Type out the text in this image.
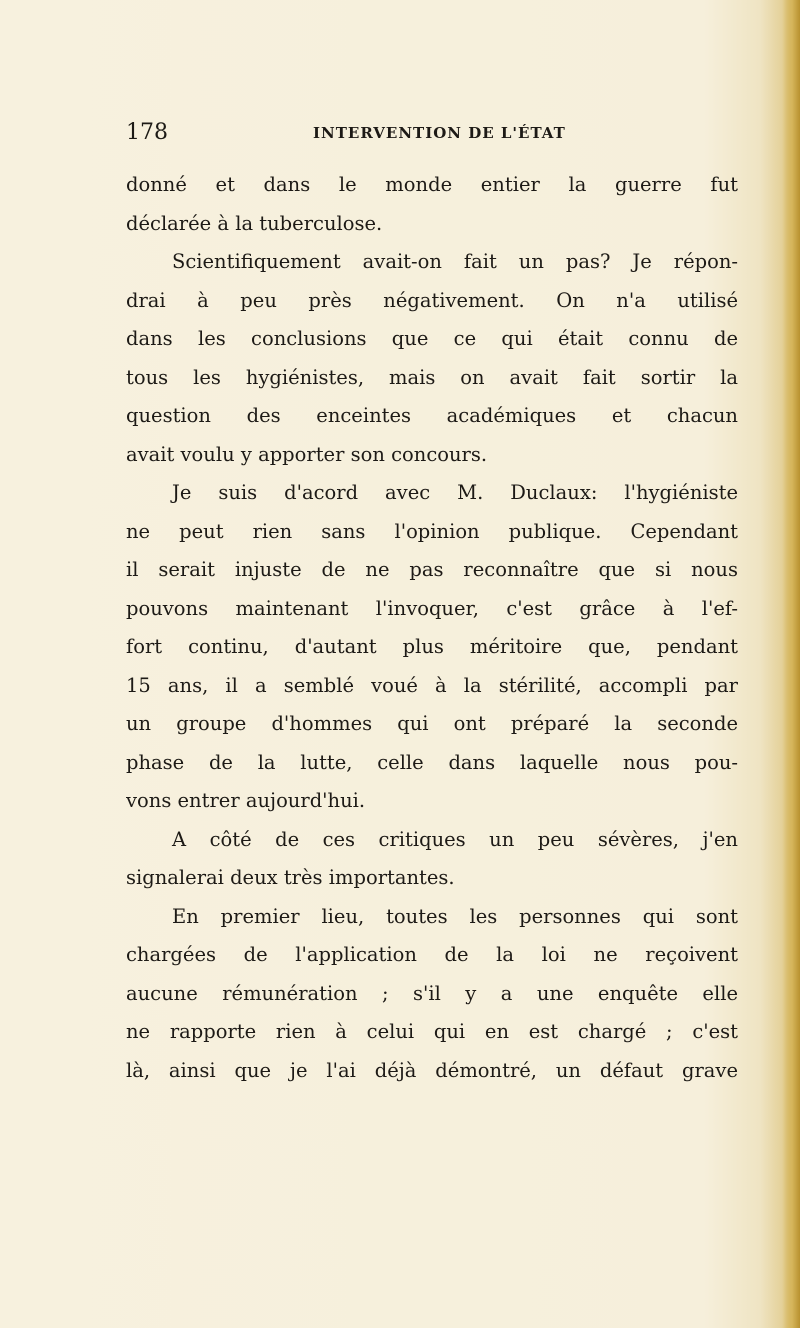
178	INTERVENTION DE L'ÉTAT
donné et dans le monde entier la guerre fut
déclarée à la tuberculose.
Scientifiquement avait-on fait un pas? Je répon-
drai à peu près négativement. On n'a utilisé
dans les conclusions que ce qui était connu de
tous les hygiénistes, mais on avait fait sortir la
question des enceintes académiques et chacun
avait voulu y apporter son concours.
Je suis d'acord avec M. Duclaux: l'hygiéniste
ne peut rien sans l'opinion publique. Cependant
il serait injuste de ne pas reconnaître que si nous
pouvons maintenant l'invoquer, c'est grâce à l'ef-
fort continu, d'autant plus méritoire que, pendant
15 ans, il a semblé voué à la stérilité, accompli par
un groupe d'hommes qui ont préparé la seconde
phase de la lutte, celle dans laquelle nous pou-
vons entrer aujourd'hui.
A côté de ces critiques un peu sévères, j'en
signalerai deux très importantes.
En premier lieu, toutes les personnes qui sont
chargées de l'application de la loi ne reçoivent
aucune rémunération ; s'il y a une enquête elle
ne rapporte rien à celui qui en est chargé ; c'est
là, ainsi que je l'ai déjà démontré, un défaut grave
